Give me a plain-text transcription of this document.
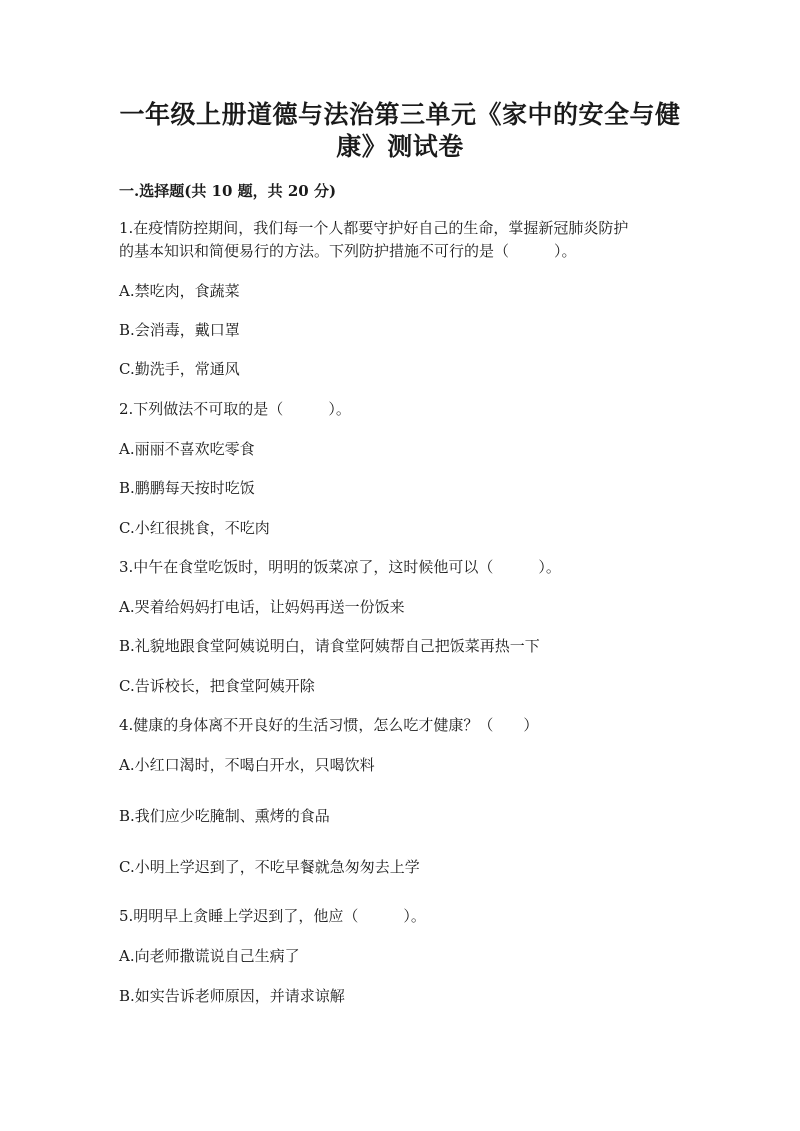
一年级上册道德与法治第三单元《家中的安全与健
康》测试卷
一.选择题(共 10 题，共 20 分)
1.在疫情防控期间，我们每一个人都要守护好自己的生命，掌握新冠肺炎防护
的基本知识和简便易行的方法。下列防护措施不可行的是（　　　）。
A.禁吃肉，食蔬菜
B.会消毒，戴口罩
C.勤洗手，常通风
2.下列做法不可取的是（　　　）。
A.丽丽不喜欢吃零食
B.鹏鹏每天按时吃饭
C.小红很挑食，不吃肉
3.中午在食堂吃饭时，明明的饭菜凉了，这时候他可以（　　　）。
A.哭着给妈妈打电话，让妈妈再送一份饭来
B.礼貌地跟食堂阿姨说明白，请食堂阿姨帮自己把饭菜再热一下
C.告诉校长，把食堂阿姨开除
4.健康的身体离不开良好的生活习惯，怎么吃才健康？（　　）
A.小红口渴时，不喝白开水，只喝饮料
B.我们应少吃腌制、熏烤的食品
C.小明上学迟到了，不吃早餐就急匆匆去上学
5.明明早上贪睡上学迟到了，他应（　　　）。
A.向老师撒谎说自己生病了
B.如实告诉老师原因，并请求谅解
